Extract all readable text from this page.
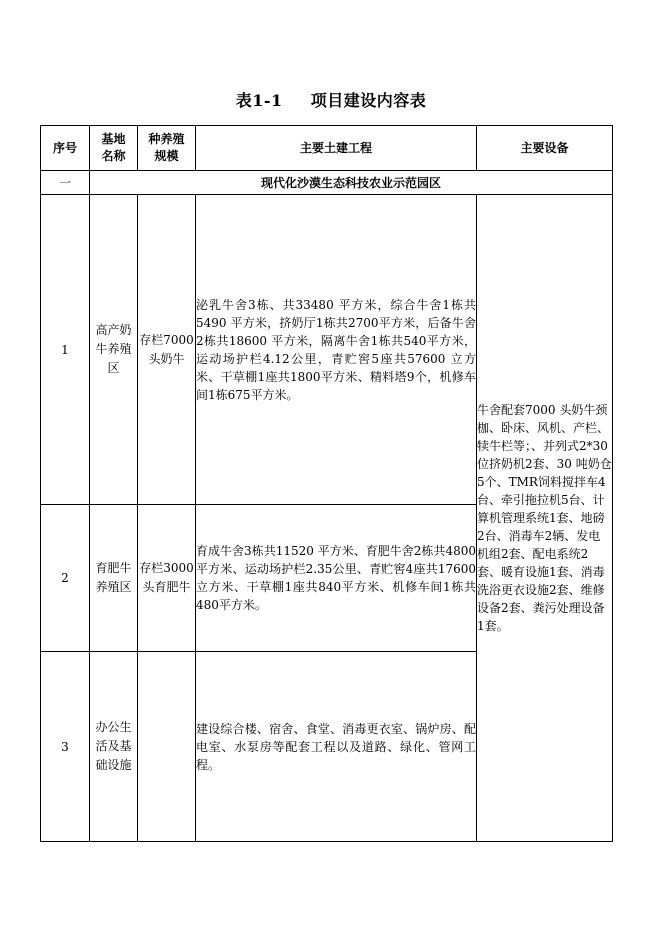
表1-1 项目建设内容表
序号	基地名称	种养殖规模	主要土建工程	主要设备
一	现代化沙漠生态科技农业示范园区			
1	高产奶牛养殖区	存栏7000 头奶牛	泌乳牛舍3栋、共33480 平方米，综合牛舍1栋共5490 平方米，挤奶厅1栋共2700平方米，后备牛舍2栋共18600 平方米，隔离牛舍1栋共540平方米，运动场护栏4.12公里，青贮窖5座共57600 立方米、干草棚1座共1800平方米、精料塔9个，机修车间1栋675平方米。	牛舍配套7000 头奶牛颈枷、卧床、风机、产栏、犊牛栏等；、并列式2*30 位挤奶机2套、30 吨奶仓5个、TMR饲料搅拌车4台、牵引拖拉机5台、计算机管理系统1套、地磅2台、消毒车2辆、发电机组2套、配电系统2套、暖育设施1套、消毒洗浴更衣设施2套、维修设备2套、粪污处理设备1套。
2	育肥牛养殖区	存栏3000 头育肥牛	育成牛舍3栋共11520 平方米、育肥牛舍2栋共4800平方米、运动场护栏2.35公里、青贮窖4座共17600 立方米、干草棚1座共840平方米、机修车间1栋共480平方米。	
3	办公生活及基础设施		建设综合楼、宿舍、食堂、消毒更衣室、锅炉房、配电室、水泵房等配套工程以及道路、绿化、管网工程。	
